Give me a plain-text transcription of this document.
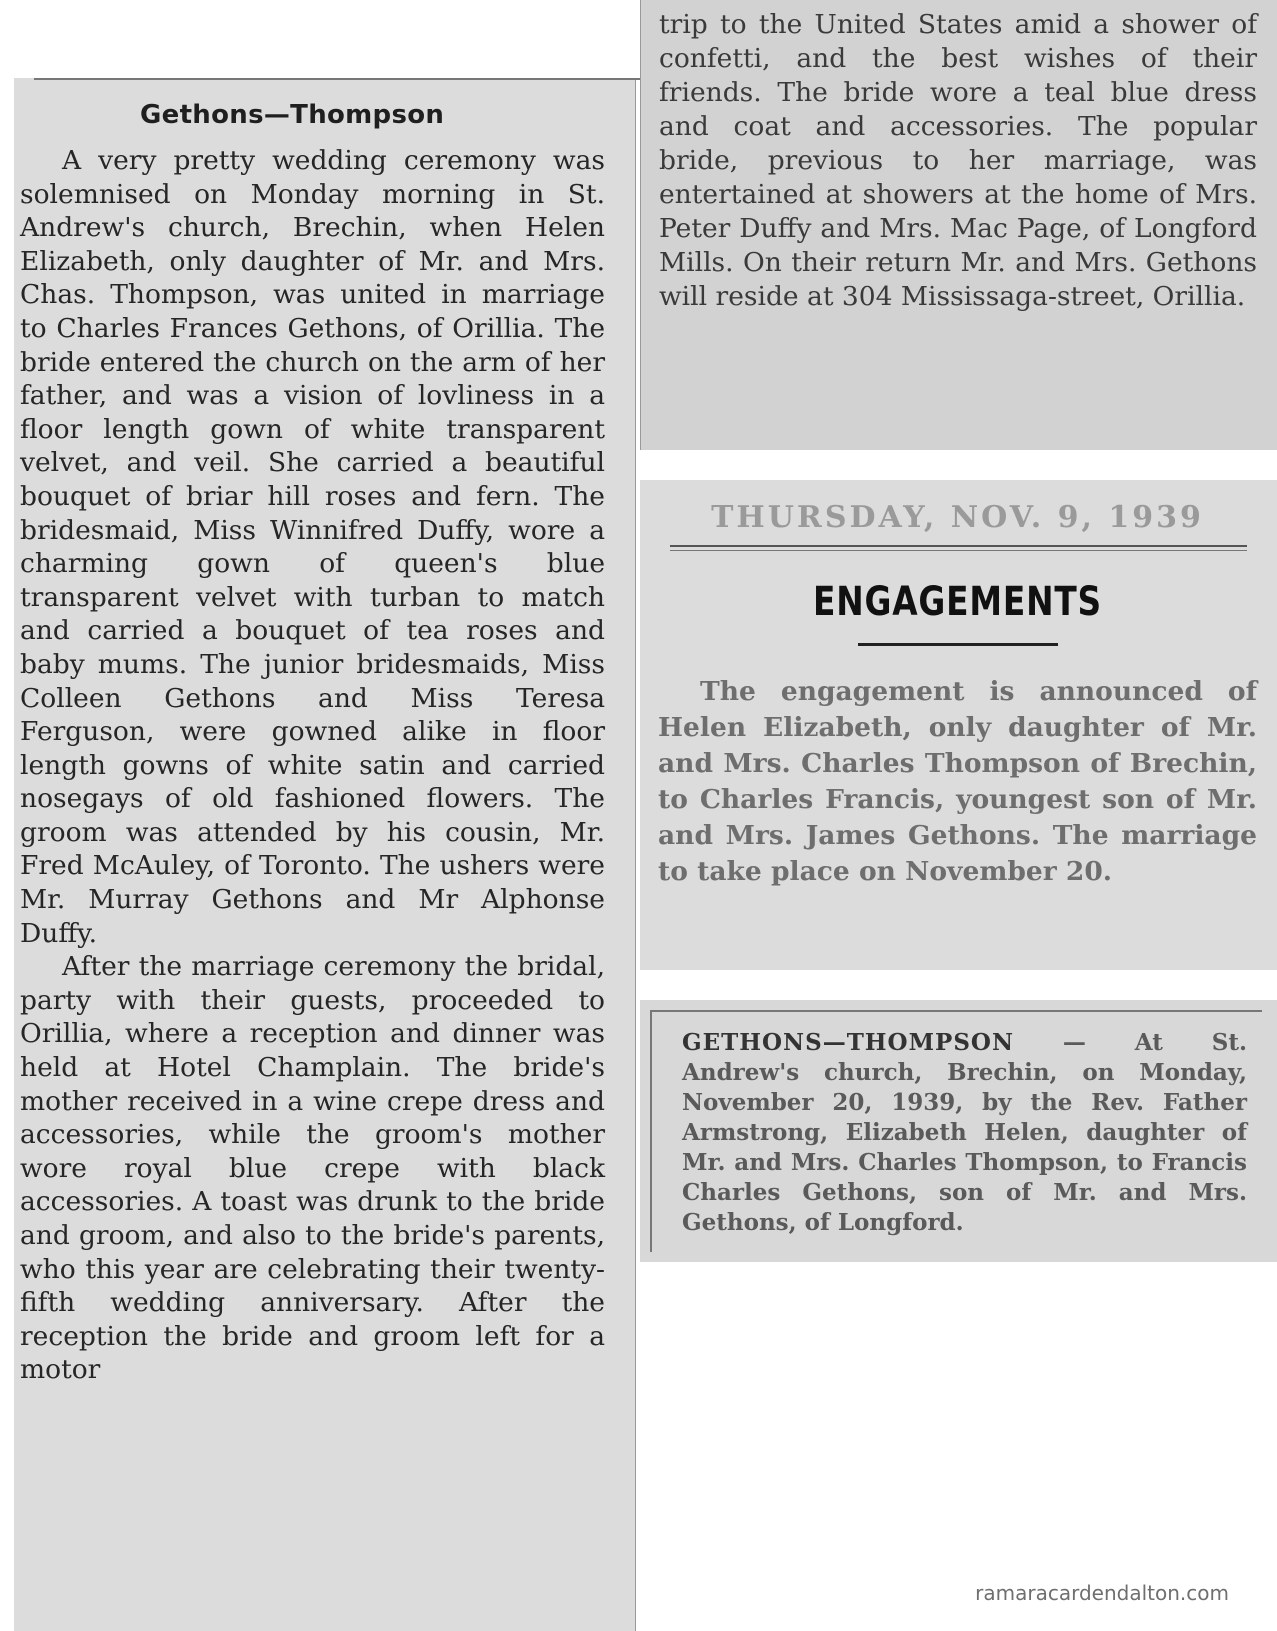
Gethons—Thompson

A very pretty wedding ceremony was solemnised on Monday morning in St. Andrew's church, Brechin, when Helen Elizabeth, only daughter of Mr. and Mrs. Chas. Thompson, was united in marriage to Charles Frances Gethons, of Orillia. The bride entered the church on the arm of her father, and was a vision of lovliness in a floor length gown of white transparent velvet, and veil. She carried a beautiful bouquet of briar hill roses and fern. The bridesmaid, Miss Winnifred Duffy, wore a charming gown of queen's blue transparent velvet with turban to match and carried a bouquet of tea roses and baby mums. The junior bridesmaids, Miss Colleen Gethons and Miss Teresa Ferguson, were gowned alike in floor length gowns of white satin and carried nosegays of old fashioned flowers. The groom was attended by his cousin, Mr. Fred McAuley, of Toronto. The ushers were Mr. Murray Gethons and Mr Alphonse Duffy.

After the marriage ceremony the bridal, party with their guests, proceeded to Orillia, where a reception and dinner was held at Hotel Champlain. The bride's mother received in a wine crepe dress and accessories, while the groom's mother wore royal blue crepe with black accessories. A toast was drunk to the bride and groom, and also to the bride's parents, who this year are celebrating their twenty-fifth wedding anniversary. After the reception the bride and groom left for a motor

trip to the United States amid a shower of confetti, and the best wishes of their friends. The bride wore a teal blue dress and coat and accessories. The popular bride, previous to her marriage, was entertained at showers at the home of Mrs. Peter Duffy and Mrs. Mac Page, of Longford Mills. On their return Mr. and Mrs. Gethons will reside at 304 Mississaga-street, Orillia.
THURSDAY, NOV. 9, 1939
ENGAGEMENTS

The engagement is announced of Helen Elizabeth, only daughter of Mr. and Mrs. Charles Thompson of Brechin, to Charles Francis, youngest son of Mr. and Mrs. James Gethons. The marriage to take place on November 20.

GETHONS—THOMPSON — At St. Andrew's church, Brechin, on Monday, November 20, 1939, by the Rev. Father Armstrong, Elizabeth Helen, daughter of Mr. and Mrs. Charles Thompson, to Francis Charles Gethons, son of Mr. and Mrs. Gethons, of Longford.
ramaracardendalton.com
